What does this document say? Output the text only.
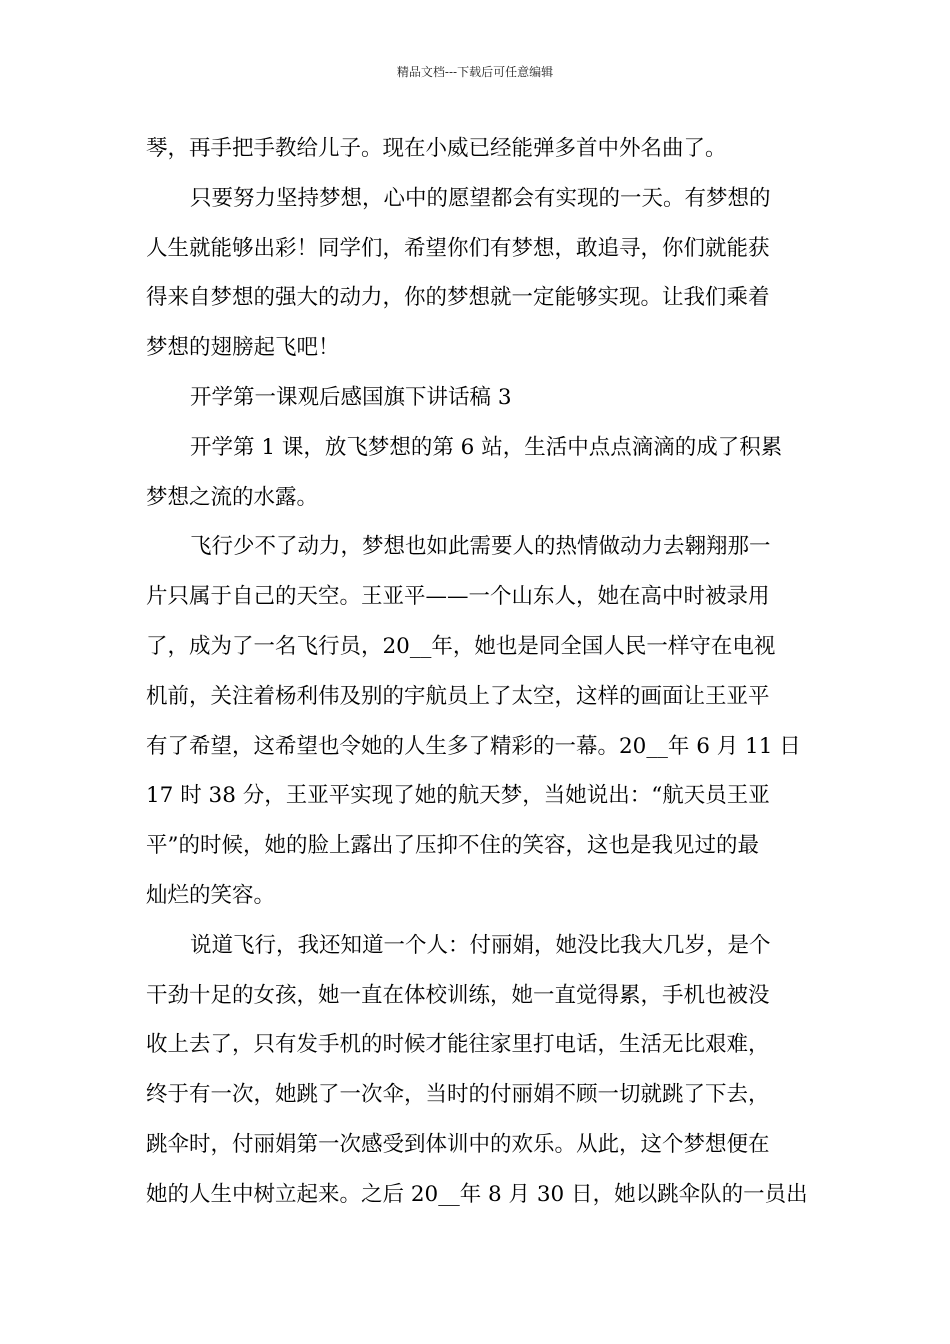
精品文档---下载后可任意编辑
琴，再手把手教给儿子。现在小威已经能弹多首中外名曲了。
只要努力坚持梦想，心中的愿望都会有实现的一天。有梦想的
人生就能够出彩！同学们，希望你们有梦想，敢追寻，你们就能获
得来自梦想的强大的动力，你的梦想就一定能够实现。让我们乘着
梦想的翅膀起飞吧！
开学第一课观后感国旗下讲话稿 3
开学第 1 课，放飞梦想的第 6 站，生活中点点滴滴的成了积累
梦想之流的水露。
飞行少不了动力，梦想也如此需要人的热情做动力去翱翔那一
片只属于自己的天空。王亚平——一个山东人，她在高中时被录用
了，成为了一名飞行员，20__年，她也是同全国人民一样守在电视
机前，关注着杨利伟及别的宇航员上了太空，这样的画面让王亚平
有了希望，这希望也令她的人生多了精彩的一幕。20__年 6 月 11 日
17 时 38 分，王亚平实现了她的航天梦，当她说出：“航天员王亚
平”的时候，她的脸上露出了压抑不住的笑容，这也是我见过的最
灿烂的笑容。
说道飞行，我还知道一个人：付丽娟，她没比我大几岁，是个
干劲十足的女孩，她一直在体校训练，她一直觉得累，手机也被没
收上去了，只有发手机的时候才能往家里打电话，生活无比艰难，
终于有一次，她跳了一次伞，当时的付丽娟不顾一切就跳了下去，
跳伞时，付丽娟第一次感受到体训中的欢乐。从此，这个梦想便在
她的人生中树立起来。之后 20__年 8 月 30 日，她以跳伞队的一员出
